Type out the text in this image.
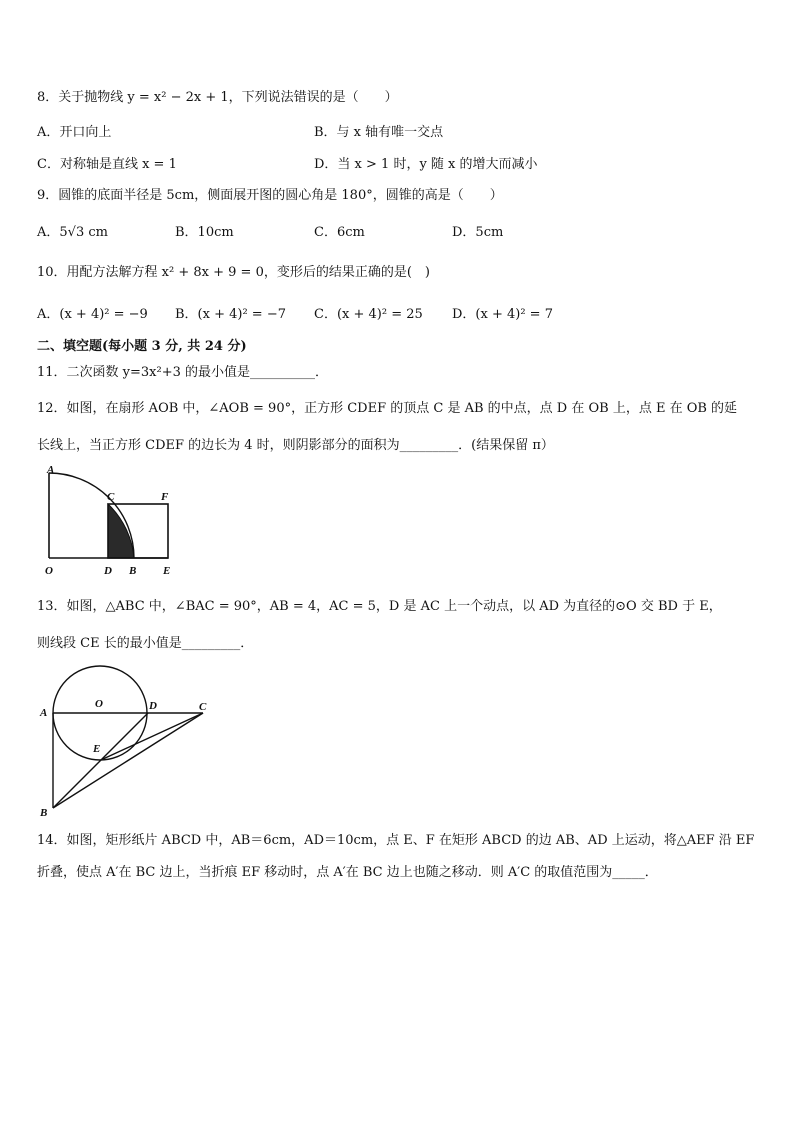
8．关于抛物线 y = x² − 2x + 1，下列说法错误的是（　　）
A．开口向上	B．与 x 轴有唯一交点
C．对称轴是直线 x = 1	D．当 x > 1 时，y 随 x 的增大而减小
9．圆锥的底面半径是 5cm，侧面展开图的圆心角是 180°，圆锥的高是（　　）
A．5√3 cm	B．10cm	C．6cm	D．5cm
10．用配方法解方程 x² + 8x + 9 = 0，变形后的结果正确的是(　)
A．(x + 4)² = −9 B．(x + 4)² = −7 C．(x + 4)² = 25 D．(x + 4)² = 7
二、填空题(每小题 3 分, 共 24 分)
11．二次函数 y=3x²+3 的最小值是__________．
12．如图，在扇形 AOB 中，∠AOB = 90°，正方形 CDEF 的顶点 C 是 AB 的中点，点 D 在 OB 上，点 E 在 OB 的延
长线上，当正方形 CDEF 的边长为 4 时，则阴影部分的面积为_________．(结果保留 π）
A
C	F
O	D B E
13．如图，△ABC 中，∠BAC = 90°，AB = 4，AC = 5，D 是 AC 上一个动点，以 AD 为直径的⊙O 交 BD 于 E，
则线段 CE 长的最小值是_________．
A
O	D	C
E
B
14．如图，矩形纸片 ABCD 中，AB＝6cm，AD＝10cm，点 E、F 在矩形 ABCD 的边 AB、AD 上运动，将△AEF 沿 EF
折叠，使点 A′在 BC 边上，当折痕 EF 移动时，点 A′在 BC 边上也随之移动．则 A′C 的取值范围为_____．
